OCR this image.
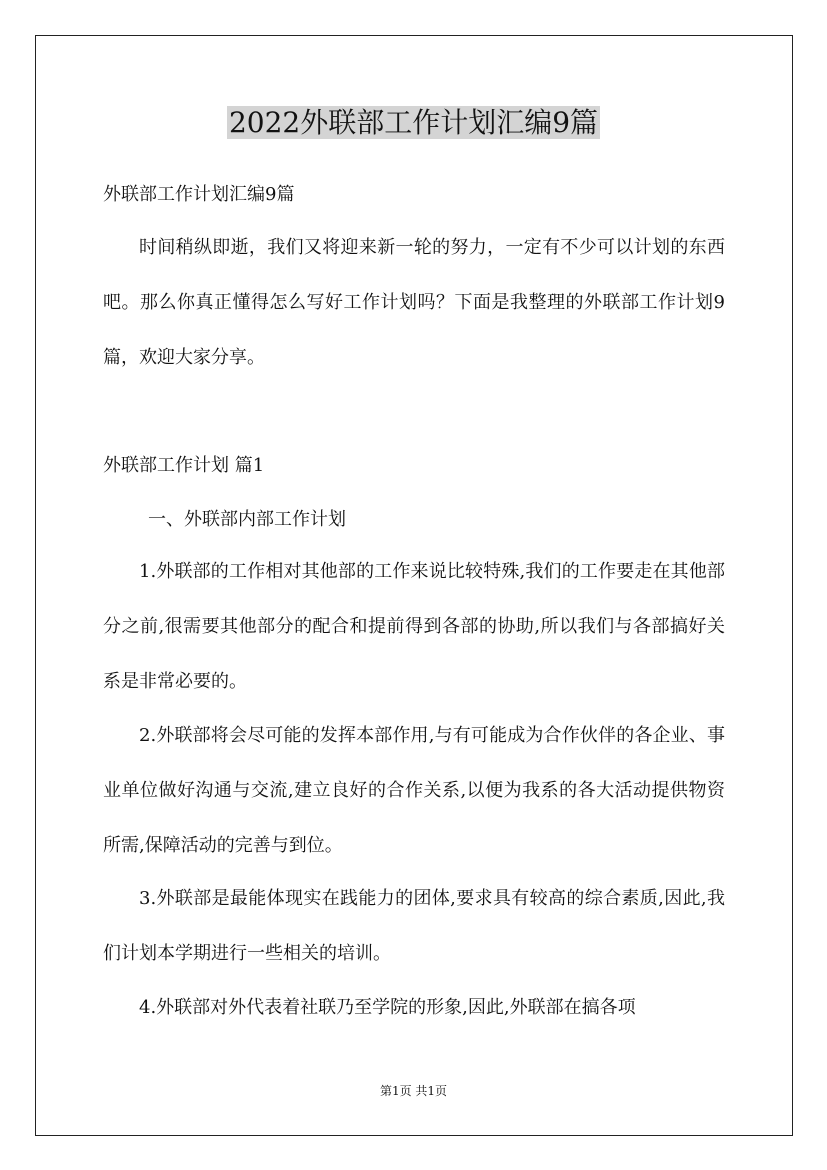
2022外联部工作计划汇编9篇
外联部工作计划汇编9篇
时间稍纵即逝，我们又将迎来新一轮的努力，一定有不少可以计划的东西吧。那么你真正懂得怎么写好工作计划吗？下面是我整理的外联部工作计划9篇，欢迎大家分享。
外联部工作计划 篇1
一、外联部内部工作计划
1.外联部的工作相对其他部的工作来说比较特殊,我们的工作要走在其他部分之前,很需要其他部分的配合和提前得到各部的协助,所以我们与各部搞好关系是非常必要的。
2.外联部将会尽可能的发挥本部作用,与有可能成为合作伙伴的各企业、事业单位做好沟通与交流,建立良好的合作关系,以便为我系的各大活动提供物资所需,保障活动的完善与到位。
3.外联部是最能体现实在践能力的团体,要求具有较高的综合素质,因此,我们计划本学期进行一些相关的培训。
4.外联部对外代表着社联乃至学院的形象,因此,外联部在搞各项
第1页 共1页
